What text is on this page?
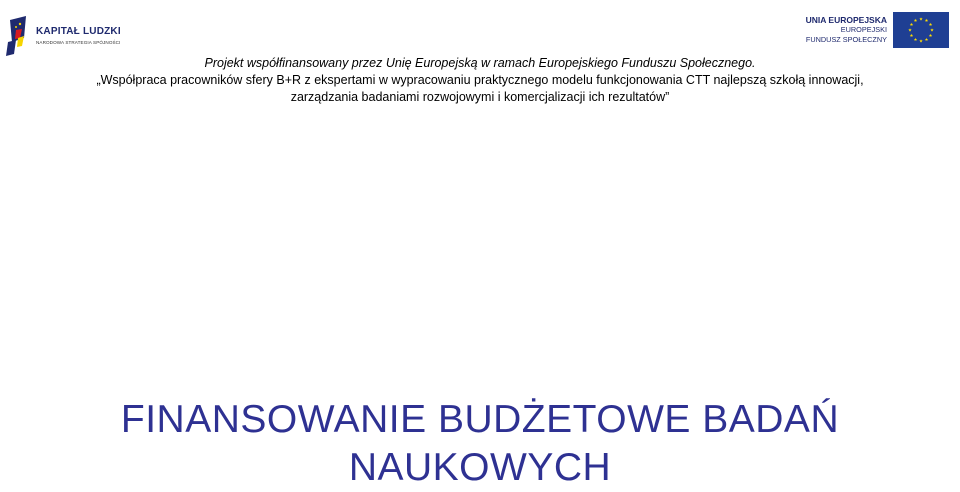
KAPITAŁ LUDZKI
NARODOWA STRATEGIA SPÓJNOŚCI
UNIA EUROPEJSKA
EUROPEJSKI
FUNDUSZ SPOŁECZNY
Projekt współfinansowany przez Unię Europejską w ramach Europejskiego Funduszu Społecznego.
„Współpraca pracowników sfery B+R z ekspertami w wypracowaniu praktycznego modelu funkcjonowania CTT najlepszą szkołą innowacji,
zarządzania badaniami rozwojowymi i komercjalizacji ich rezultatów”
FINANSOWANIE BUDŻETOWE BADAŃ
NAUKOWYCH
